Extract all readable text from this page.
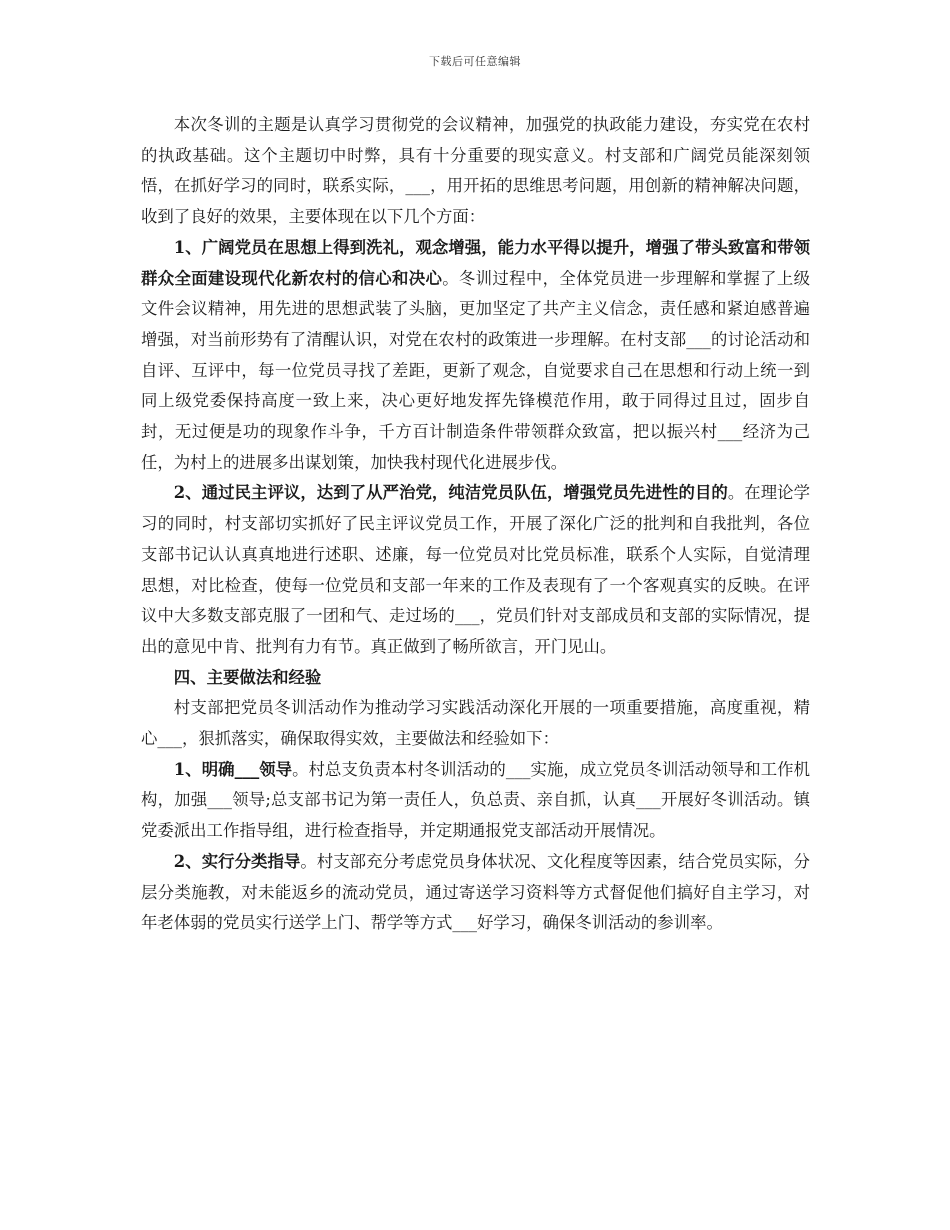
下载后可任意编辑

本次冬训的主题是认真学习贯彻党的会议精神，加强党的执政能力建设，夯实党在农村的执政基础。这个主题切中时弊，具有十分重要的现实意义。村支部和广阔党员能深刻领悟，在抓好学习的同时，联系实际，___，用开拓的思维思考问题，用创新的精神解决问题，收到了良好的效果，主要体现在以下几个方面：

1、广阔党员在思想上得到洗礼，观念增强，能力水平得以提升，增强了带头致富和带领群众全面建设现代化新农村的信心和决心。冬训过程中，全体党员进一步理解和掌握了上级文件会议精神，用先进的思想武装了头脑，更加坚定了共产主义信念，责任感和紧迫感普遍增强，对当前形势有了清醒认识，对党在农村的政策进一步理解。在村支部___的讨论活动和自评、互评中，每一位党员寻找了差距，更新了观念，自觉要求自己在思想和行动上统一到同上级党委保持高度一致上来，决心更好地发挥先锋模范作用，敢于同得过且过，固步自封，无过便是功的现象作斗争，千方百计制造条件带领群众致富，把以振兴村___经济为己任，为村上的进展多出谋划策，加快我村现代化进展步伐。

2、通过民主评议，达到了从严治党，纯洁党员队伍，增强党员先进性的目的。在理论学习的同时，村支部切实抓好了民主评议党员工作，开展了深化广泛的批判和自我批判，各位支部书记认认真真地进行述职、述廉，每一位党员对比党员标准，联系个人实际，自觉清理思想，对比检查，使每一位党员和支部一年来的工作及表现有了一个客观真实的反映。在评议中大多数支部克服了一团和气、走过场的___，党员们针对支部成员和支部的实际情况，提出的意见中肯、批判有力有节。真正做到了畅所欲言，开门见山。

四、主要做法和经验

村支部把党员冬训活动作为推动学习实践活动深化开展的一项重要措施，高度重视，精心___，狠抓落实，确保取得实效，主要做法和经验如下：

1、明确___领导。村总支负责本村冬训活动的___实施，成立党员冬训活动领导和工作机构，加强___领导;总支部书记为第一责任人，负总责、亲自抓，认真___开展好冬训活动。镇党委派出工作指导组，进行检查指导，并定期通报党支部活动开展情况。

2、实行分类指导。村支部充分考虑党员身体状况、文化程度等因素，结合党员实际，分层分类施教，对未能返乡的流动党员，通过寄送学习资料等方式督促他们搞好自主学习，对年老体弱的党员实行送学上门、帮学等方式___好学习，确保冬训活动的参训率。
